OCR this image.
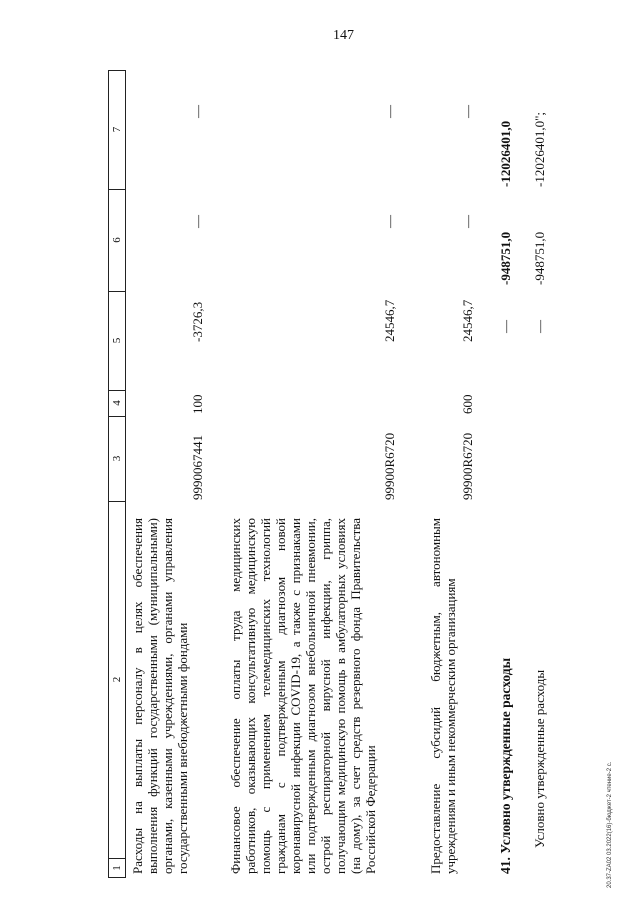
147
20.37-ZA02 03.2022(16)-бюджет-2 чтение-2 с.
1
2
3
4
5
6
7
Расходы на выплаты персоналу в целях обеспечения выполнения функций государственными (муниципальными) органами, казенными учреждениями, органами управления государственными внебюджетными фондами
9990067441
100
-3726,3
—
—
Финансовое обеспечение оплаты труда медицинских работников, оказывающих консультативную медицинскую помощь с применением телемедицинских технологий гражданам с подтвержденным диагнозом новой коронавирусной инфекции COVID-19, а также с признаками или подтвержденным диагнозом внебольничной пневмонии, острой респираторной вирусной инфекции, гриппа, получающим медицинскую помощь в амбулаторных условиях (на дому), за счет средств резервного фонда Правительства Российской Федерации
99900R6720
24546,7
—
—
Предоставление субсидий бюджетным, автономным учреждениям и иным некоммерческим организациям
99900R6720
600
24546,7
—
—
41. Условно утвержденные расходы
—
-948751,0
-12026401,0
Условно утвержденные расходы
—
-948751,0
-12026401,0";
